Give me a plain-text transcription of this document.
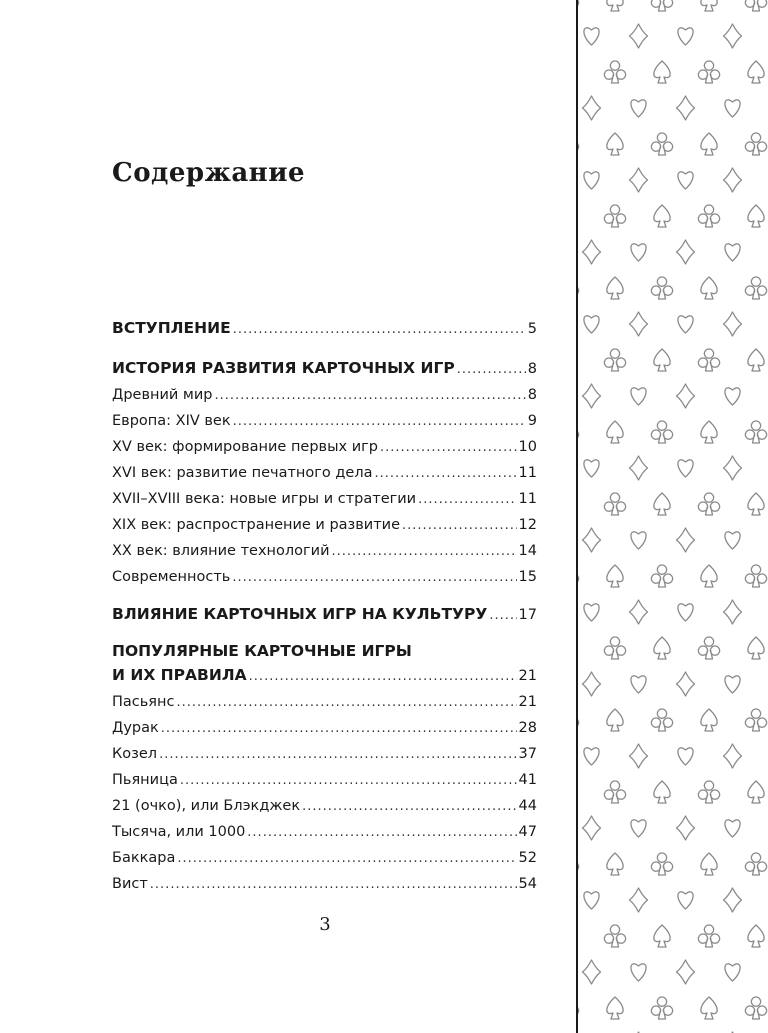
Содержание
ВСТУПЛЕНИЕ .....	5
ИСТОРИЯ РАЗВИТИЯ КАРТОЧНЫХ ИГР .....	8
Древний мир .....	8
Европа: XIV век .....	9
XV век: формирование первых игр .....	10
XVI век: развитие печатного дела .....	11
XVII–XVIII века: новые игры и стратегии .....	11
XIX век: распространение и развитие .....	12
XX век: влияние технологий .....	14
Современность .....	15
ВЛИЯНИЕ КАРТОЧНЫХ ИГР НА КУЛЬТУРУ ..... 17
ПОПУЛЯРНЫЕ КАРТОЧНЫЕ ИГРЫ
И ИХ ПРАВИЛА .....	21
Пасьянс .....	21
Дурак .....	28
Козел .....	37
Пьяница .....	41
21 (очко), или Блэкджек .....	44
Тысяча, или 1000 .....	47
Баккара .....	52
Вист .....	54
3
